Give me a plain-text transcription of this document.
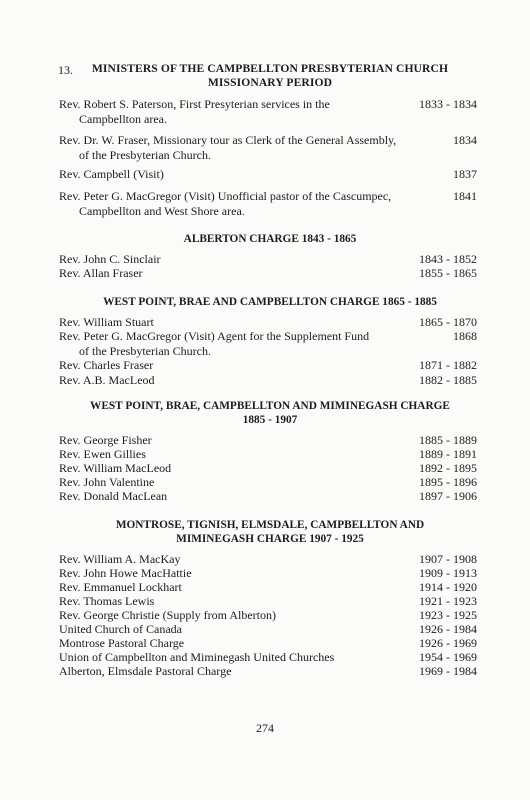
13.	MINISTERS OF THE CAMPBELLTON PRESBYTERIAN CHURCH
MISSIONARY PERIOD
Rev. Robert S. Paterson, First Presyterian services in the
Campbellton area.
1833 - 1834
Rev. Dr. W. Fraser, Missionary tour as Clerk of the General Assembly,
of the Presbyterian Church.
1834
Rev. Campbell (Visit)	1837
Rev. Peter G. MacGregor (Visit) Unofficial pastor of the Cascumpec,
Campbellton and West Shore area.
1841
ALBERTON CHARGE 1843 - 1865
Rev. John C. Sinclair	1843 - 1852
Rev. Allan Fraser	1855 - 1865
WEST POINT, BRAE AND CAMPBELLTON CHARGE 1865 - 1885
Rev. William Stuart	1865 - 1870
Rev. Peter G. MacGregor (Visit) Agent for the Supplement Fund
of the Presbyterian Church.
1868
Rev. Charles Fraser	1871 - 1882
Rev. A.B. MacLeod	1882 - 1885
WEST POINT, BRAE, CAMPBELLTON AND MIMINEGASH CHARGE
1885 - 1907
Rev. George Fisher	1885 - 1889
Rev. Ewen Gillies	1889 - 1891
Rev. William MacLeod	1892 - 1895
Rev. John Valentine	1895 - 1896
Rev. Donald MacLean	1897 - 1906
MONTROSE, TIGNISH, ELMSDALE, CAMPBELLTON AND
MIMINEGASH CHARGE 1907 - 1925
Rev. William A. MacKay	1907 - 1908
Rev. John Howe MacHattie	1909 - 1913
Rev. Emmanuel Lockhart	1914 - 1920
Rev. Thomas Lewis	1921 - 1923
Rev. George Christie (Supply from Alberton)	1923 - 1925
United Church of Canada	1926 - 1984
Montrose Pastoral Charge	1926 - 1969
Union of Campbellton and Miminegash United Churches	1954 - 1969
Alberton, Elmsdale Pastoral Charge	1969 - 1984
274
